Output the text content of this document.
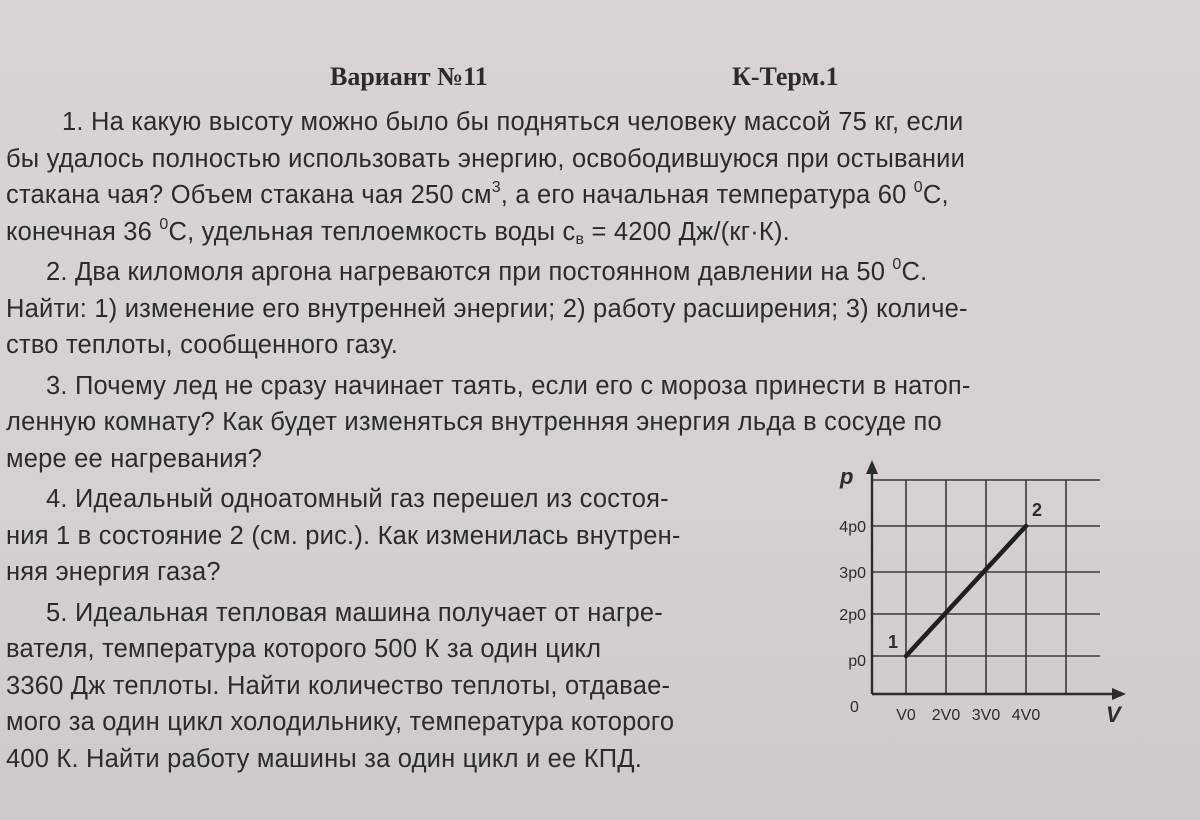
Вариант №11	К-Терм.1
1. На какую высоту можно было бы подняться человеку массой 75 кг, если
бы удалось полностью использовать энергию, освободившуюся при остывании
стакана чая? Объем стакана чая 250 $см^3$, а его начальная температура 60 $^0$С,
конечная 36 $^0$С, удельная теплоемкость воды $с_в = 4200$ Дж/(кг·К).
2. Два киломоля аргона нагреваются при постоянном давлении на 50 $^0$С.
Найти: 1) изменение его внутренней энергии; 2) работу расширения; 3) количе-
ство теплоты, сообщенного газу.
3. Почему лед не сразу начинает таять, если его с мороза принести в натоп-
ленную комнату? Как будет изменяться внутренняя энергия льда в сосуде по
мере ее нагревания?
4. Идеальный одноатомный газ перешел из состоя-
ния 1 в состояние 2 (см. рис.). Как изменилась внутрен-
няя энергия газа?
5. Идеальная тепловая машина получает от нагре-
вателя, температура которого 500 К за один цикл
3360 Дж теплоты. Найти количество теплоты, отдавае-
мого за один цикл холодильнику, температура которого
400 К. Найти работу машины за один цикл и ее КПД.
p
V
0
p0
2p0
3p0
4p0
V0 2V0 3V0 4V0
1
2
